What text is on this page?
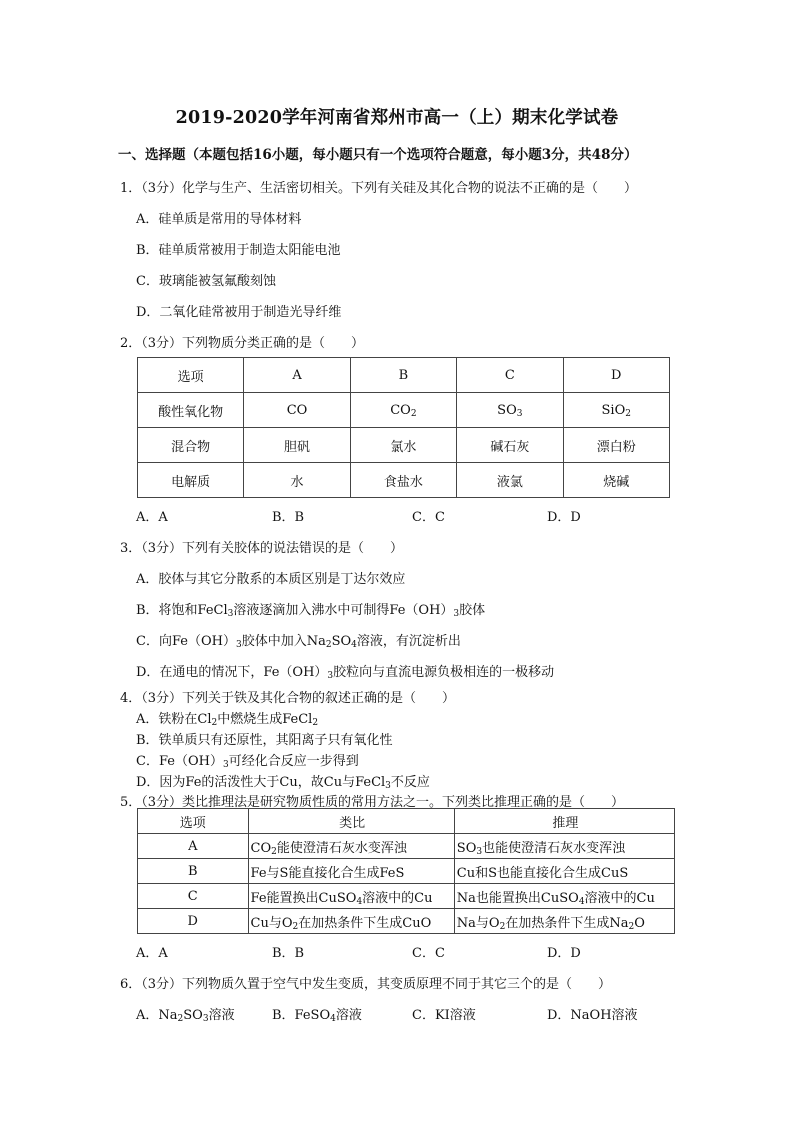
2019-2020学年河南省郑州市高一（上）期末化学试卷
一、选择题（本题包括16小题，每小题只有一个选项符合题意，每小题3分，共48分）
1．（3分）化学与生产、生活密切相关。下列有关硅及其化合物的说法不正确的是（　　）
A．硅单质是常用的导体材料
B．硅单质常被用于制造太阳能电池
C．玻璃能被氢氟酸刻蚀
D．二氧化硅常被用于制造光导纤维
2．（3分）下列物质分类正确的是（　　）
选项	A	B	C	D
酸性氧化物	CO	$CO_2$	$SO_3$	SiO$_2$
混合物	胆矾	氯水	碱石灰	漂白粉
电解质	水	食盐水	液氯	烧碱
A．A	B．B	C．C	D．D
3．（3分）下列有关胶体的说法错误的是（　　）
A．胶体与其它分散系的本质区别是丁达尔效应
B．将饱和FeCl$_3$溶液逐滴加入沸水中可制得$Fe(OH)_3$胶体
C．向$Fe(OH)_3$胶体中加入$Na_2SO_4$溶液，有沉淀析出
D．在通电的情况下，$Fe(OH)_3$胶粒向与直流电源负极相连的一极移动
4．（3分）下列关于铁及其化合物的叙述正确的是（　　）
A．铁粉在$Cl_2$中燃烧生成FeCl$_2$
B．铁单质只有还原性，其阳离子只有氧化性
C．$Fe(OH)_3$可经化合反应一步得到
D．因为Fe的活泼性大于Cu，故Cu与FeCl$_3$不反应
5．（3分）类比推理法是研究物质性质的常用方法之一。下列类比推理正确的是（　　）
选项	类比	推理
A	$CO_2$能使澄清石灰水变浑浊	$SO_3$也能使澄清石灰水变浑浊
B	Fe与S能直接化合生成FeS	Cu和S也能直接化合生成CuS
C	Fe能置换出CuSO$_4$溶液中的Cu	Na也能置换出CuSO$_4$溶液中的Cu
D	Cu与$O_2$在加热条件下生成CuO	Na与$O_2$在加热条件下生成$Na_2O$
A．A	B．B	C．C	D．D
6．（3分）下列物质久置于空气中发生变质，其变质原理不同于其它三个的是（　　）
A．$Na_2SO_3$溶液	B．FeSO$_4$溶液	C．KI溶液	D．NaOH溶液
